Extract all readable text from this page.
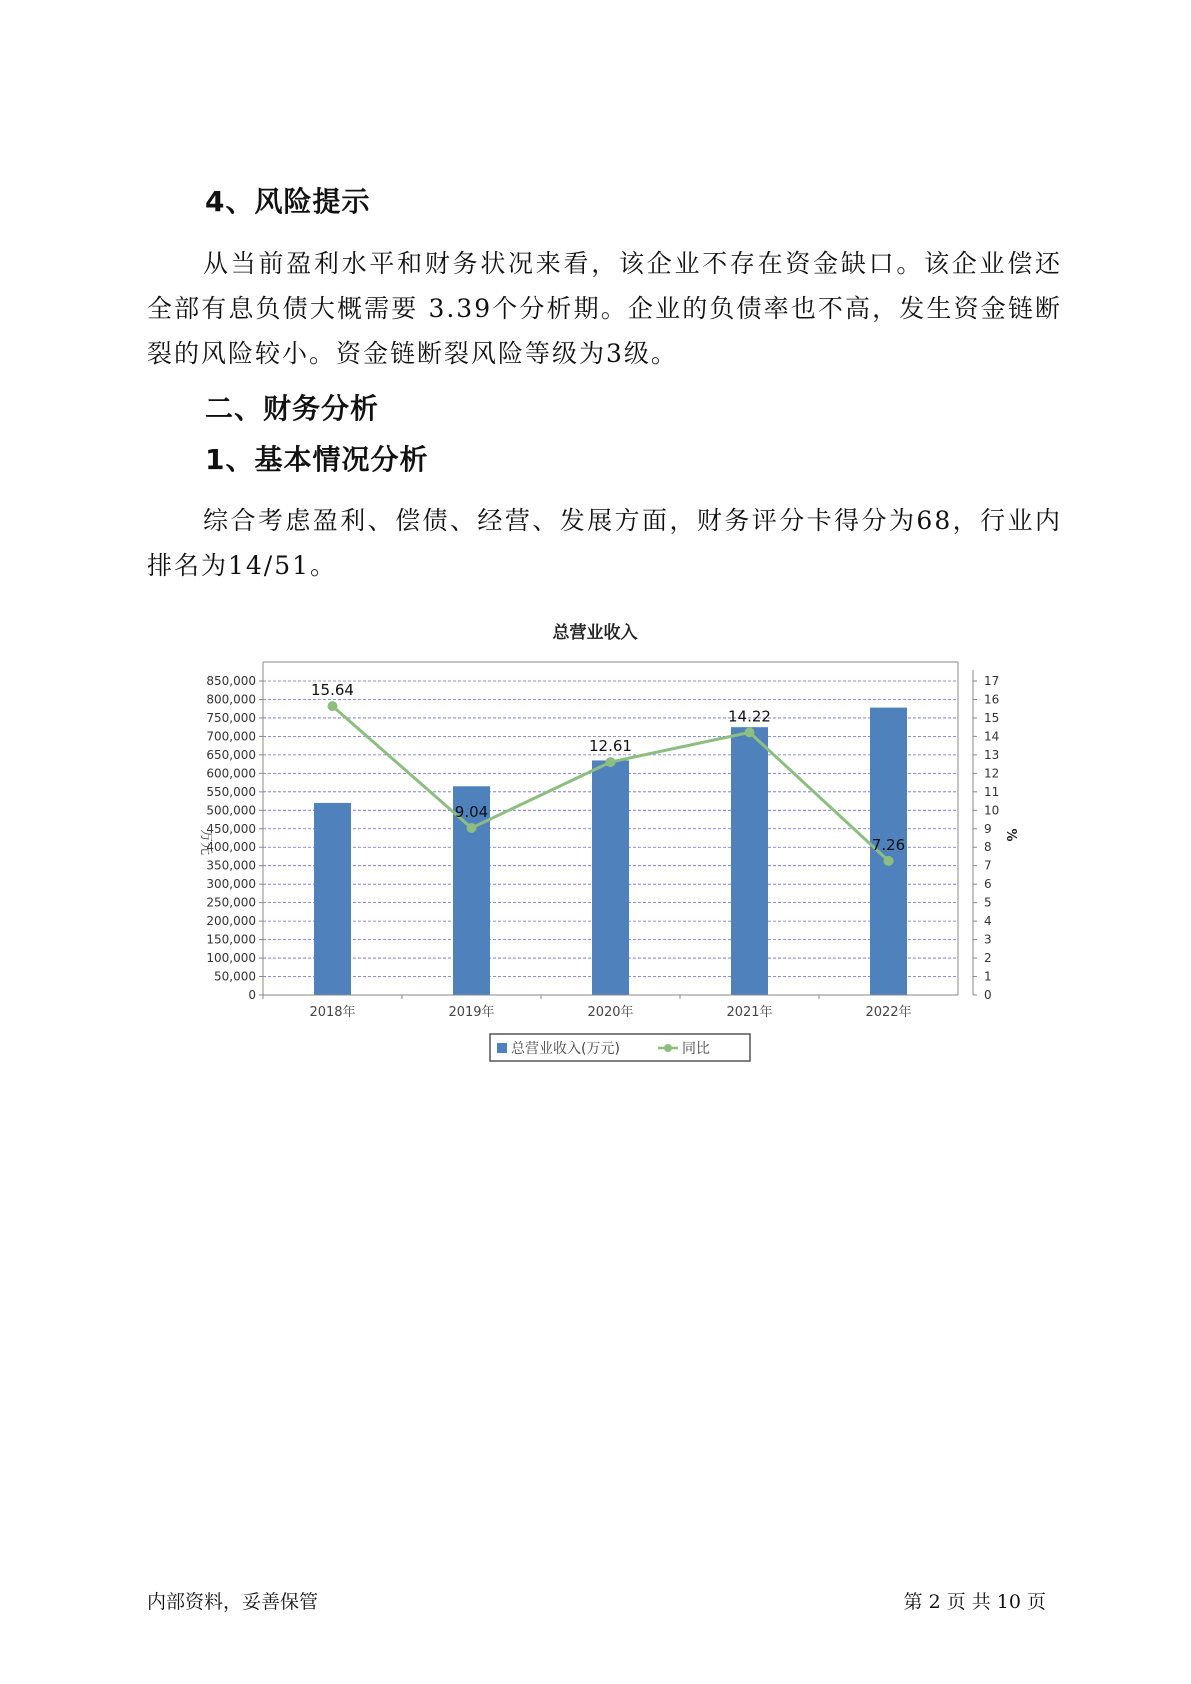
4、风险提示

从当前盈利水平和财务状况来看，该企业不存在资金缺口。该企业偿还全部有息负债大概需要 3.39个分析期。企业的负债率也不高，发生资金链断裂的风险较小。资金链断裂风险等级为3级。

二、财务分析
1、基本情况分析

综合考虑盈利、偿债、经营、发展方面，财务评分卡得分为68，行业内排名为14/51。

总营业收入
0
50,000
100,000
150,000
200,000
250,000
300,000
350,000
400,000
450,000
500,000
550,000
600,000
650,000
700,000
750,000
800,000
850,000
0
1
2
3
4
5
6
7
8
9
10
11
12
13
14
15
16
17
15.64
9.04
12.61
14.22
7.26
2018年	2019年	2020年	2021年	2022年
万元	%
总营业收入(万元)	同比

内部资料，妥善保管	第 2 页 共 10 页
